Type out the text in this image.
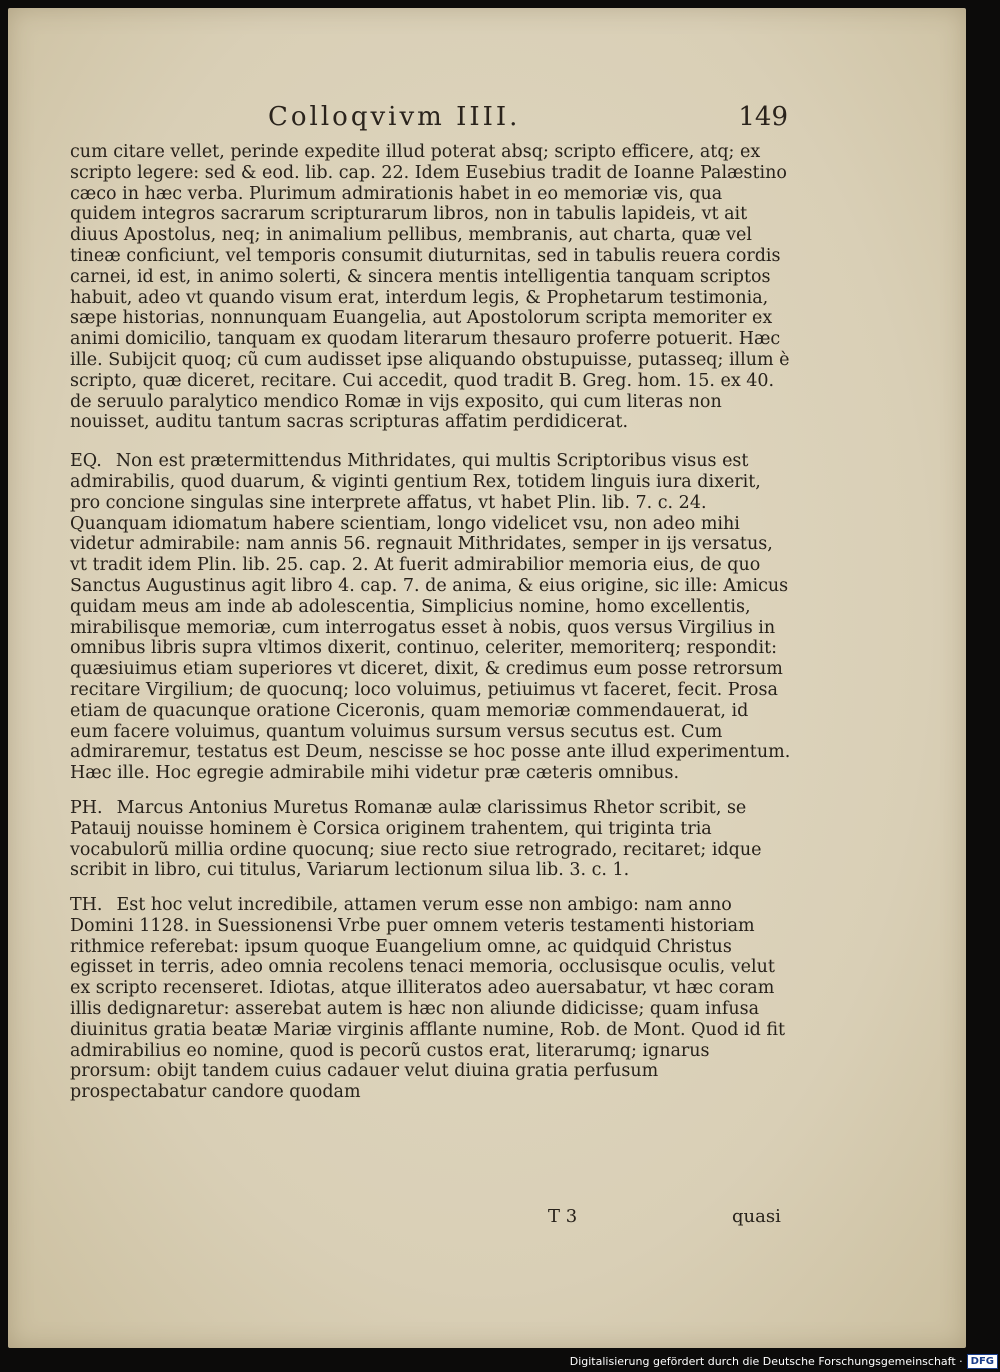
Colloqvivm IIII.	149

cum citare vellet, perinde expedite illud poterat absq; scripto efficere, atq; ex scripto legere: sed & eod. lib. cap. 22. Idem Eusebius tradit de Ioanne Palæstino cæco in hæc verba. Plurimum admirationis habet in eo memoriæ vis, qua quidem integros sacrarum scripturarum libros, non in tabulis lapideis, vt ait diuus Apostolus, neq; in animalium pellibus, membranis, aut charta, quæ vel tineæ conficiunt, vel temporis consumit diuturnitas, sed in tabulis reuera cordis carnei, id est, in animo solerti, & sincera mentis intelligentia tanquam scriptos habuit, adeo vt quando visum erat, interdum legis, & Prophetarum testimonia, sæpe historias, nonnunquam Euangelia, aut Apostolorum scripta memoriter ex animi domicilio, tanquam ex quodam literarum thesauro proferre potuerit. Hæc ille. Subijcit quoq; cũ cum audisset ipse aliquando obstupuisse, putasseq; illum è scripto, quæ diceret, recitare. Cui accedit, quod tradit B. Greg. hom. 15. ex 40. de seruulo paralytico mendico Romæ in vijs exposito, qui cum literas non nouisset, auditu tantum sacras scripturas affatim perdidicerat.

EQ. Non est prætermittendus Mithridates, qui multis Scriptoribus visus est admirabilis, quod duarum, & viginti gentium Rex, totidem linguis iura dixerit, pro concione singulas sine interprete affatus, vt habet Plin. lib. 7. c. 24. Quanquam idiomatum habere scientiam, longo videlicet vsu, non adeo mihi videtur admirabile: nam annis 56. regnauit Mithridates, semper in ijs versatus, vt tradit idem Plin. lib. 25. cap. 2. At fuerit admirabilior memoria eius, de quo Sanctus Augustinus agit libro 4. cap. 7. de anima, & eius origine, sic ille: Amicus quidam meus am inde ab adolescentia, Simplicius nomine, homo excellentis, mirabilisque memoriæ, cum interrogatus esset à nobis, quos versus Virgilius in omnibus libris supra vltimos dixerit, continuo, celeriter, memoriterq; respondit: quæsiuimus etiam superiores vt diceret, dixit, & credimus eum posse retrorsum recitare Virgilium; de quocunq; loco voluimus, petiuimus vt faceret, fecit. Prosa etiam de quacunque oratione Ciceronis, quam memoriæ commendauerat, id eum facere voluimus, quantum voluimus sursum versus secutus est. Cum admiraremur, testatus est Deum, nescisse se hoc posse ante illud experimentum. Hæc ille. Hoc egregie admirabile mihi videtur præ cæteris omnibus.

PH. Marcus Antonius Muretus Romanæ aulæ clarissimus Rhetor scribit, se Patauij nouisse hominem è Corsica originem trahentem, qui triginta tria vocabulorũ millia ordine quocunq; siue recto siue retrogrado, recitaret; idque scribit in libro, cui titulus, Variarum lectionum silua lib. 3. c. 1.

TH. Est hoc velut incredibile, attamen verum esse non ambigo: nam anno Domini 1128. in Suessionensi Vrbe puer omnem veteris testamenti historiam rithmice referebat: ipsum quoque Euangelium omne, ac quidquid Christus egisset in terris, adeo omnia recolens tenaci memoria, occlusisque oculis, velut ex scripto recenseret. Idiotas, atque illiteratos adeo auersabatur, vt hæc coram illis dedignaretur: asserebat autem is hæc non aliunde didicisse; quam infusa diuinitus gratia beatæ Mariæ virginis afflante numine, Rob. de Mont. Quod id fit admirabilius eo nomine, quod is pecorũ custos erat, literarumq; ignarus prorsum: obijt tandem cuius cadauer velut diuina gratia perfusum prospectabatur candore quodam

T 3	quasi
Digitalisierung gefördert durch die Deutsche Forschungsgemeinschaft · DFG
